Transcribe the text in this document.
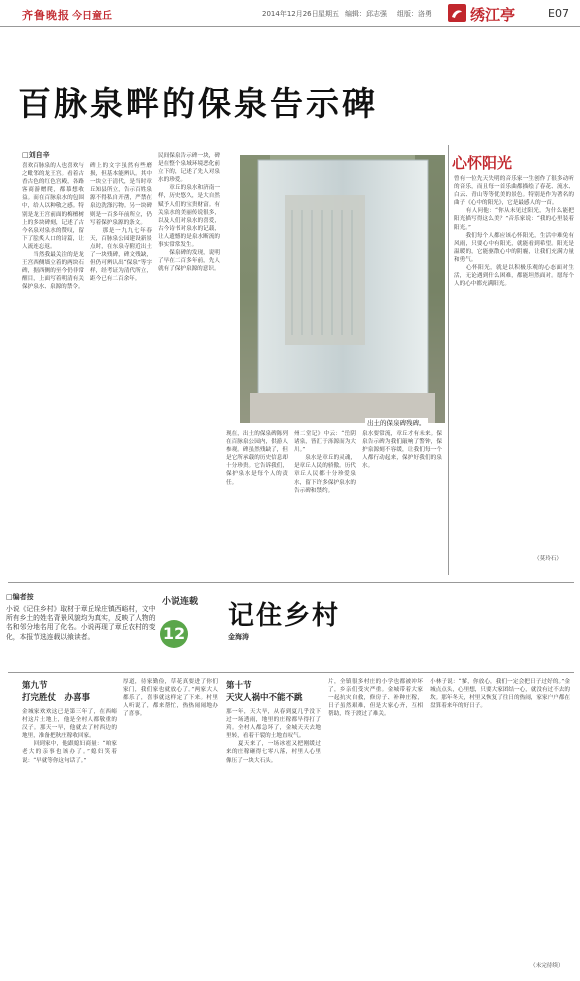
齐鲁晚报 今日童丘	2014年12月26日 星期五 编辑：邱志强 组版：洛勇	绣江亭	E07
百脉泉畔的保泉告示碑
□刘自辛
喜欢百脉泉的人也喜欢与之毗邻的龙王宫。看着古香古色的红色宫殿，各路客商游赠爬，都慕想收益。而在百脉泉水的包围中，给人以种敬之感。特别是龙王宫前面的梅檀树上的多块碑刻，记述了古今名泉对泉水的赞叹，留下了脍炙人口的诗篇，让人流连忘返。
　　当然我最关注的是龙王宫西侧墙立着的两块石碑，据西侧的至今仍非常醒目，上面写着明清有关保护泉水、泉源的禁令。
碑上的文字虽然有些磨损，但基本能辨认。其中一块立于清代，是当时章丘知县所立，告示百姓泉源不得私自开凿，严禁在泉边洗涤污物。另一块碑则是一百多年前所立，仍写着保护泉源的条文。
　　那是一九九七年春天，百脉泉公园建设新景点时，在东泉寺附近出土了一块残碑，碑文残缺，但仍可辨认出“保泉”等字样，经考证为清代所立，距今已有二百余年。
民间保泉告示碑一块，碑是在整个泉域环境恶化前立下的，记述了先人对泉水的珍爱。
　　章丘的泉水和济南一样，历史悠久，是大自然赋予人们的宝贵财富。有关泉水的美丽传说很多，以及人们对泉水的喜爱，古今诗书对泉水的记载，让人遗憾的是泉水断流的事实常常发生。
　　保泉碑的发现，说明了早在二百多年前，先人就有了保护泉源的意识。
出土的保泉碑残碑。
现在，出土的保泉碑陈列在百脉泉公园内，供游人参观。碑虽然残缺了，但是它所承载的历史信息却十分珍贵。它告诉我们，保护泉水是每个人的责任。
州二堂记》中云：“岳阴诸泉，皆汇于泺源而为大川。”
　　泉水是章丘的灵魂，是章丘人民的骄傲。历代章丘人民都十分珍爱泉水，留下许多保护泉水的告示碑和禁约。
泉水要常流，章丘才有未来。保泉告示碑为我们敲响了警钟，保护泉源刻不容缓，让我们每一个人都行动起来，保护好我们的泉水。
心怀阳光
曾有一位先天失明的音乐家一生创作了很多动听的音乐，而且每一首乐曲都描绘了春花、流水、白云、青山等等优美的景色。特别是作为著名的曲子《心中的阳光》，它是最感人的一首。
　　有人问他：“你从未见过阳光，为什么能把阳光描写得这么美？”音乐家说：“我的心里装着阳光。”
　　我们每个人都应该心怀阳光，生活中难免有风雨，只要心中有阳光，就能看到希望。阳光是温暖的，它能驱散心中的阴霾，让我们充满力量和勇气。
　　心怀阳光，就是以积极乐观的心态面对生活，无论遇到什么困难，都能坦然面对。愿每个人的心中都充满阳光。
（莫玲石）
□编者按
小说《记住乡村》取材于章丘垛庄镇西峪村，文中所有乡土的姓名背景风貌均为真实，反映了人物的名和邻分地名用了化名。小说再现了章丘农村的变化，本报节选连载以飨读者。
小说连载
12
记住乡村
金海涛
第九节
打完胜仗　办喜事
金城家欢欢这已是第三年了，在西峪村这片土地上，他是全村人都敬重的汉子。那天一早，他就去了村西边的地里，准备把秋庄稼收回家。
　　回到家中，他跟媳妇商量：“咱家老大的亲事也该办了。”媳妇笑着说：“早就等你这句话了。”
厚道，待家勤俭，草花真要进了你们家门，我们家也就放心了。”两家大人都乐了，喜事就这样定了下来。村里人听说了，都来帮忙，热热闹闹地办了喜事。
第十节
天灾人祸中不能不跳
那一年，天大旱，从春到夏几乎没下过一场透雨，地里的庄稼都旱得打了蔫。全村人都急坏了，金城天天去地里转，看着干裂的土地直叹气。
　　夏天来了，一场冰雹又把刚缓过来的庄稼砸得七零八落，村里人心里像压了一块大石头。
片，全镇很多村庄的小学也都被冲坏了，乡亲们受灾严重。金城带着大家一起抗灾自救，修房子、补种庄稼，日子虽然艰难，但是大家心齐，互相帮助，终于渡过了难关。
小林子说：“爹，你放心，我们一定会把日子过好的。”金城点点头，心里想，只要大家团结一心，就没有过不去的坎。那年冬天，村里又恢复了往日的热闹，家家户户都在盘算着来年的好日子。
（未完待续）
